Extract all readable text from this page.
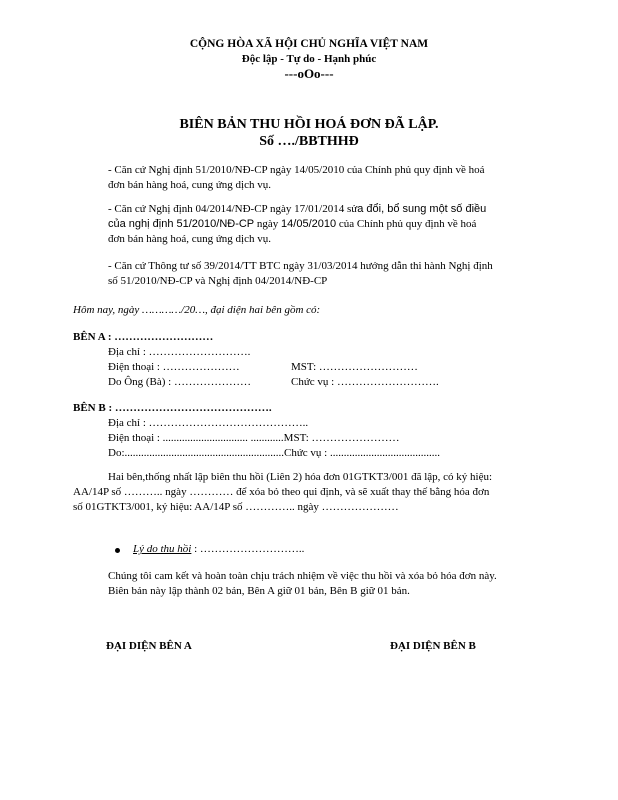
CỘNG HÒA XÃ HỘI CHỦ NGHĨA VIỆT NAM
Độc lập - Tự do - Hạnh phúc
---oOo---
BIÊN BẢN THU HỒI HOÁ ĐƠN ĐÃ LẬP.
Số …./BBTHHĐ
- Căn cứ Nghị định 51/2010/NĐ-CP ngày 14/05/2010 của Chính phủ quy định về hoá
đơn bán hàng hoá, cung ứng dịch vụ.
- Căn cứ Nghị định 04/2014/NĐ-CP ngày 17/01/2014 sửa đổi, bổ sung một số điều
của nghị định 51/2010/NĐ-CP ngày 14/05/2010 của Chính phủ quy định về hoá
đơn bán hàng hoá, cung ứng dịch vụ.
- Căn cứ Thông tư số 39/2014/TT BTC ngày 31/03/2014 hướng dẫn thi hành Nghị định
số 51/2010/NĐ-CP và Nghị định 04/2014/NĐ-CP
Hôm nay, ngày …………/20…, đại diện hai bên gồm có:
BÊN A : ………………………
Địa chỉ : ……………………….
Điện thoại : …………………	MST: ………………………
Do Ông (Bà) : …………………	Chức vụ : ……………………….
BÊN B : …………………………………….
Địa chỉ : ……………………………………..
Điện thoại : ............................... ............MST: ……………………
Do:..........................................................Chức vụ : ........................................
Hai bên,thống nhất lập biên thu hồi (Liên 2) hóa đơn 01GTKT3/001 đã lập, có ký hiệu:
AA/14P số ……….. ngày ………… để xóa bỏ theo qui định, và sẽ xuất thay thế bằng hóa đơn
số 01GTKT3/001, ký hiệu: AA/14P số ………….. ngày …………………
Lý do thu hồi : ………………………..
Chúng tôi cam kết và hoàn toàn chịu trách nhiệm về việc thu hồi và xóa bỏ hóa đơn này.
Biên bản này lập thành 02 bản, Bên A giữ 01 bản, Bên B giữ 01 bản.
ĐẠI DIỆN BÊN A	ĐẠI DIỆN BÊN B
